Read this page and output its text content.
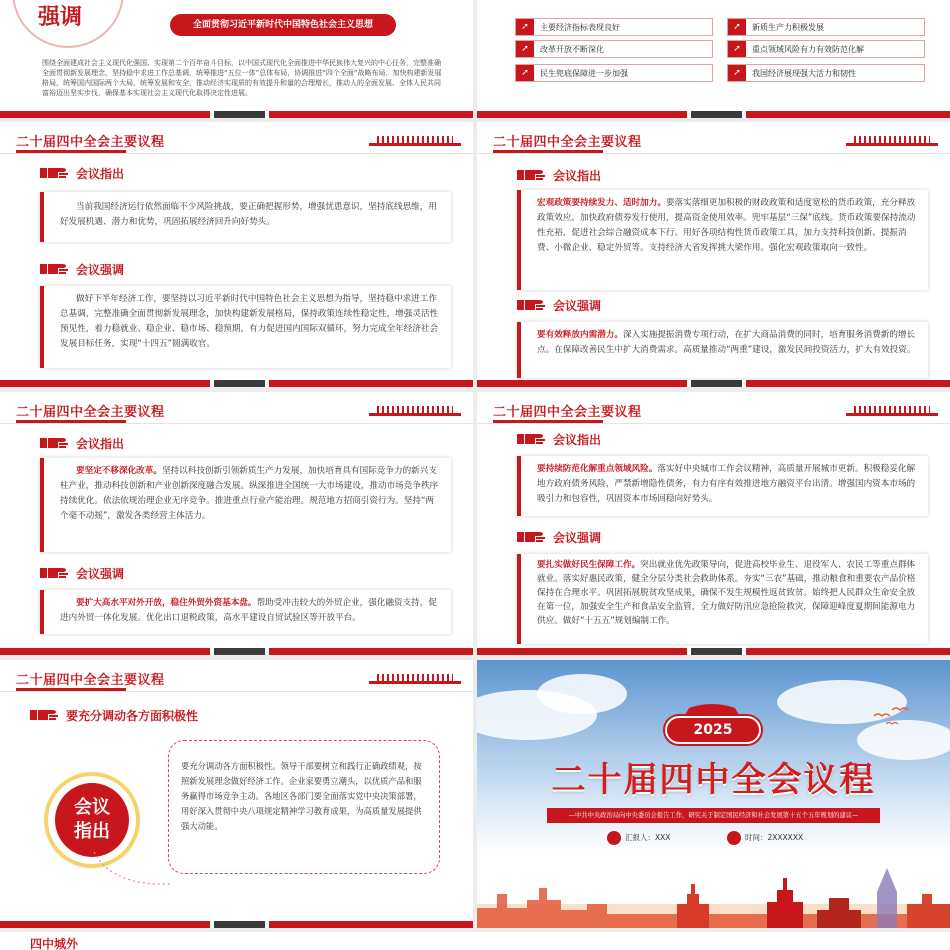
强调	全面贯彻习近平新时代中国特色社会主义思想
围绕全面建成社会主义现代化强国、实现第二个百年奋斗目标，以中国式现代化全面推进中华民族伟大复兴的中心任务，完整准确全面贯彻新发展理念，坚持稳中求进工作总基调，统筹推进“五位一体”总体布局，协调推进“四个全面”战略布局，加快构建新发展格局，统筹国内国际两个大局，统筹发展和安全，推动经济实现质的有效提升和量的合理增长，推动人的全面发展、全体人民共同富裕迈出坚实步伐，确保基本实现社会主义现代化取得决定性进展。
➚	主要经济指标表现良好	➚	新质生产力积极发展
➚	改革开放不断深化	➚	重点领域风险有力有效防范化解
➚	民生兜底保障进一步加强	➚	我国经济展现强大活力和韧性
二十届四中全会主要议程
会议指出
当前我国经济运行依然面临不少风险挑战，要正确把握形势，增强忧患意识，坚持底线思维，用好发展机遇、潜力和优势，巩固拓展经济回升向好势头。
会议强调
做好下半年经济工作，要坚持以习近平新时代中国特色社会主义思想为指导，坚持稳中求进工作总基调，完整准确全面贯彻新发展理念，加快构建新发展格局，保持政策连续性稳定性，增强灵活性预见性，着力稳就业、稳企业、稳市场、稳预期，有力促进国内国际双循环，努力完成全年经济社会发展目标任务，实现“十四五”圆满收官。
二十届四中全会主要议程
会议指出
宏观政策要持续发力、适时加力。要落实落细更加积极的财政政策和适度宽松的货币政策，充分释放政策效应。加快政府债券发行使用，提高资金使用效率。兜牢基层“三保”底线。货币政策要保持流动性充裕，促进社会综合融资成本下行。用好各项结构性货币政策工具，加力支持科技创新、提振消费、小微企业、稳定外贸等。支持经济大省发挥挑大梁作用。强化宏观政策取向一致性。
会议强调
要有效释放内需潜力。深入实施提振消费专项行动，在扩大商品消费的同时，培育服务消费新的增长点。在保障改善民生中扩大消费需求。高质量推动“两重”建设，激发民间投资活力，扩大有效投资。
二十届四中全会主要议程
会议指出
要坚定不移深化改革。坚持以科技创新引领新质生产力发展，加快培育具有国际竞争力的新兴支柱产业，推动科技创新和产业创新深度融合发展。纵深推进全国统一大市场建设，推动市场竞争秩序持续优化。依法依规治理企业无序竞争。推进重点行业产能治理。规范地方招商引资行为。坚持“两个毫不动摇”，激发各类经营主体活力。
会议强调
要扩大高水平对外开放，稳住外贸外资基本盘。帮助受冲击较大的外贸企业，强化融资支持，促进内外贸一体化发展。优化出口退税政策，高水平建设自贸试验区等开放平台。
二十届四中全会主要议程
会议指出
要持续防范化解重点领域风险。落实好中央城市工作会议精神，高质量开展城市更新。积极稳妥化解地方政府债务风险，严禁新增隐性债务，有力有序有效推进地方融资平台出清。增强国内资本市场的吸引力和包容性，巩固资本市场回稳向好势头。
会议强调
要扎实做好民生保障工作。突出就业优先政策导向，促进高校毕业生、退役军人、农民工等重点群体就业。落实好惠民政策，健全分层分类社会救助体系。夯实“三农”基础，推动粮食和重要农产品价格保持在合理水平。巩固拓展脱贫攻坚成果，确保不发生规模性返贫致贫。始终把人民群众生命安全放在第一位，加强安全生产和食品安全监管，全力做好防汛应急抢险救灾，保障迎峰度夏期间能源电力供应。做好“十五五”规划编制工作。
二十届四中全会主要议程
要充分调动各方面积极性
会议
指出
要充分调动各方面积极性。领导干部要树立和践行正确政绩观，按照新发展理念做好经济工作。企业家要勇立潮头，以优质产品和服务赢得市场竞争主动。各地区各部门要全面落实党中央决策部署，用好深入贯彻中央八项规定精神学习教育成果，为高质量发展提供强大动能。
2025
二十届四中全会议程
—中共中央政治局向中央委员会报告工作，研究关于制定国民经济和社会发展第十五个五年规划的建议—
汇报人：XXX	时间：2XXXXXX
四中城外
